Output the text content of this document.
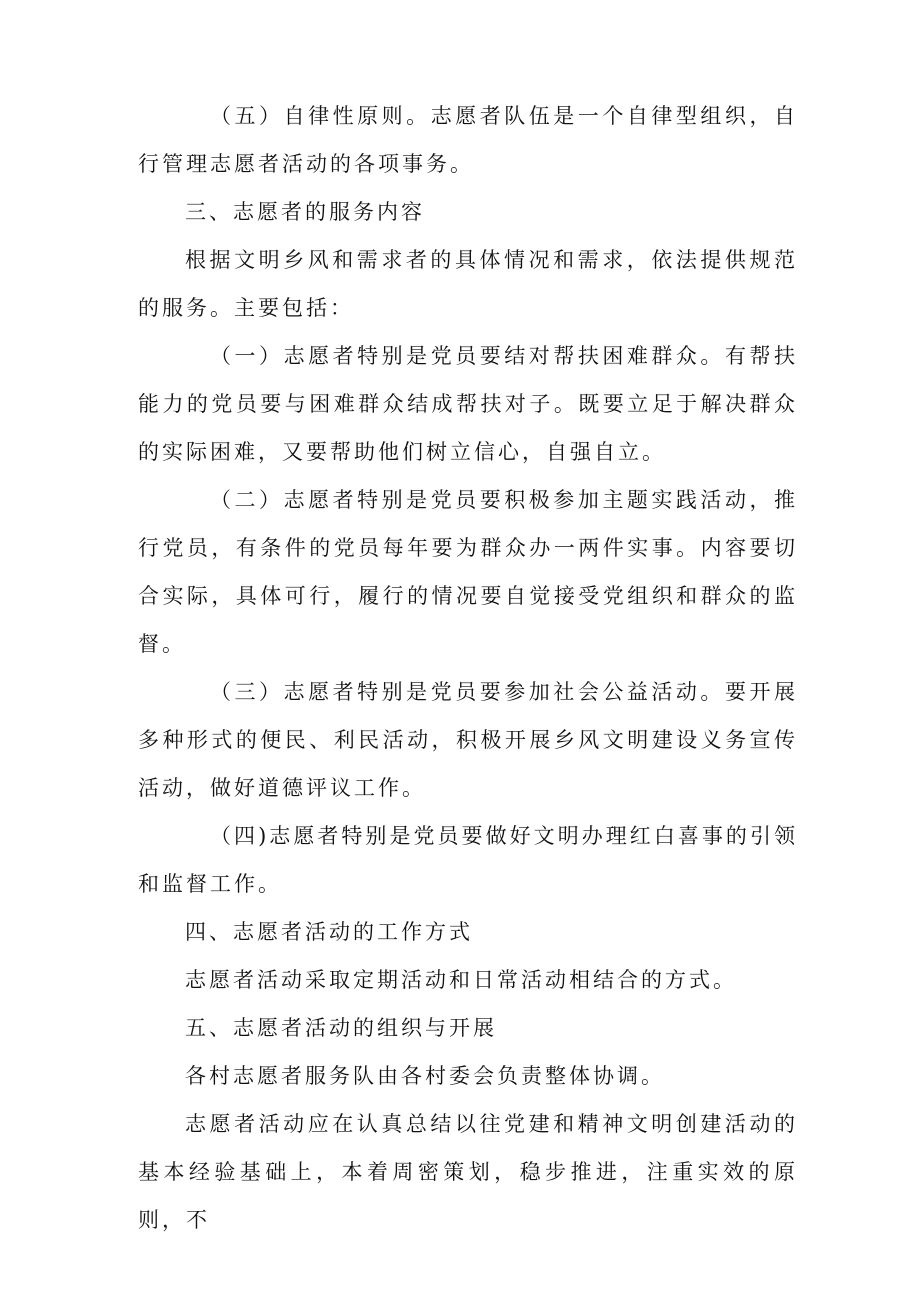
（五）自律性原则。志愿者队伍是一个自律型组织，自行管理志愿者活动的各项事务。

三、志愿者的服务内容

根据文明乡风和需求者的具体情况和需求，依法提供规范的服务。主要包括：

（一）志愿者特别是党员要结对帮扶困难群众。有帮扶能力的党员要与困难群众结成帮扶对子。既要立足于解决群众的实际困难，又要帮助他们树立信心，自强自立。

（二）志愿者特别是党员要积极参加主题实践活动，推行党员，有条件的党员每年要为群众办一两件实事。内容要切合实际，具体可行，履行的情况要自觉接受党组织和群众的监督。

（三）志愿者特别是党员要参加社会公益活动。要开展多种形式的便民、利民活动，积极开展乡风文明建设义务宣传活动，做好道德评议工作。

（四)志愿者特别是党员要做好文明办理红白喜事的引领和监督工作。

四、志愿者活动的工作方式

志愿者活动采取定期活动和日常活动相结合的方式。

五、志愿者活动的组织与开展

各村志愿者服务队由各村委会负责整体协调。

志愿者活动应在认真总结以往党建和精神文明创建活动的基本经验基础上，本着周密策划，稳步推进，注重实效的原则，不
